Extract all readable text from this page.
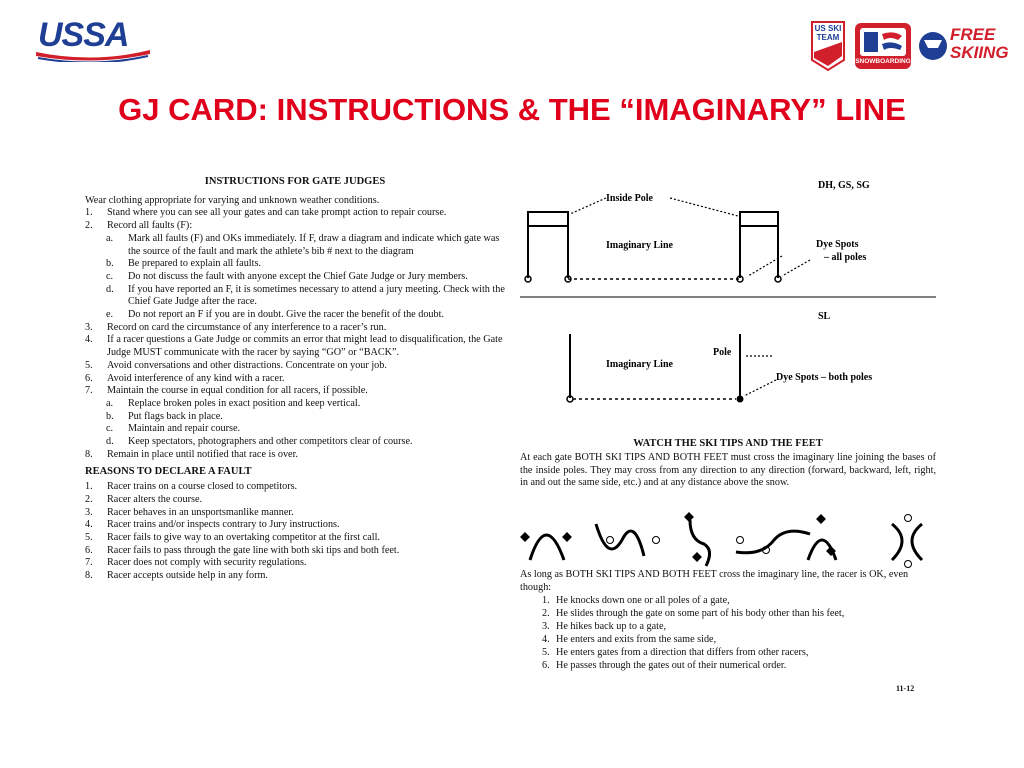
USSA	US SKI TEAM
SNOWBOARDING
FREE SKIING
GJ CARD: INSTRUCTIONS & THE “IMAGINARY” LINE
INSTRUCTIONS FOR GATE JUDGES
Wear clothing appropriate for varying and unknown weather conditions.
1.	Stand where you can see all your gates and can take prompt action to repair course.
2.	Record all faults (F):
a.	Mark all faults (F) and OKs immediately. If F, draw a diagram and indicate which gate was the source of the fault and mark the athlete’s bib # next to the diagram
b.	Be prepared to explain all faults.
c.	Do not discuss the fault with anyone except the Chief Gate Judge or Jury members.
d.	If you have reported an F, it is sometimes necessary to attend a jury meeting. Check with the Chief Gate Judge after the race.
e.	Do not report an F if you are in doubt. Give the racer the benefit of the doubt.
3.	Record on card the circumstance of any interference to a racer’s run.
4.	If a racer questions a Gate Judge or commits an error that might lead to disqualification, the Gate Judge MUST communicate with the racer by saying “GO” or “BACK”.
5.	Avoid conversations and other distractions. Concentrate on your job.
6.	Avoid interference of any kind with a racer.
7.	Maintain the course in equal condition for all racers, if possible.
a.	Replace broken poles in exact position and keep vertical.
b.	Put flags back in place.
c.	Maintain and repair course.
d.	Keep spectators, photographers and other competitors clear of course.
8.	Remain in place until notified that race is over.
REASONS TO DECLARE A FAULT
1.	Racer trains on a course closed to competitors.
2.	Racer alters the course.
3.	Racer behaves in an unsportsmanlike manner.
4.	Racer trains and/or inspects contrary to Jury instructions.
5.	Racer fails to give way to an overtaking competitor at the first call.
6.	Racer fails to pass through the gate line with both ski tips and both feet.
7.	Racer does not comply with security regulations.
8.	Racer accepts outside help in any form.
Inside Pole
DH, GS, SG
Imaginary Line	Dye Spots
– all poles
SL
Imaginary Line
Pole
Dye Spots – both poles
WATCH THE SKI TIPS AND THE FEET
At each gate BOTH SKI TIPS AND BOTH FEET must cross the imaginary line joining the bases of the inside poles. They may cross from any direction to any direction (forward, backward, left, right, in and out the same side, etc.) and at any distance above the snow.
As long as BOTH SKI TIPS AND BOTH FEET cross the imaginary line, the racer is OK, even though:
1. He knocks down one or all poles of a gate,
2. He slides through the gate on some part of his body other than his feet,
3. He hikes back up to a gate,
4. He enters and exits from the same side,
5. He enters gates from a direction that differs from other racers,
6. He passes through the gates out of their numerical order.
11-12
